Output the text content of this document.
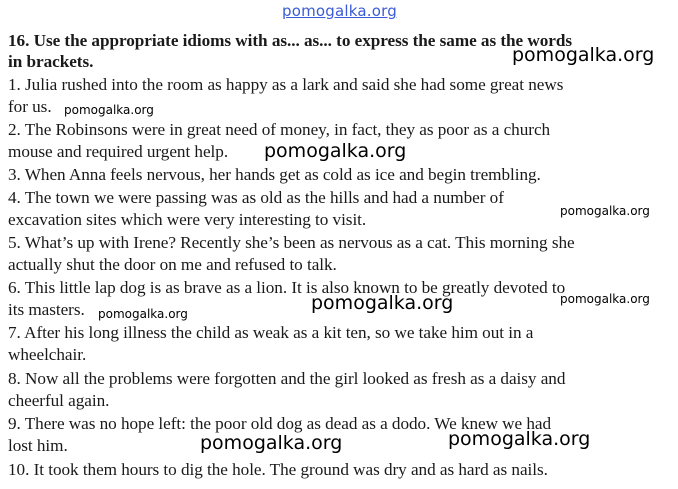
pomogalka.org

16. Use the appropriate idioms with as... as... to express the same as the words

in brackets.

1. Julia rushed into the room as happy as a lark and said she had some great news

for us.

2. The Robinsons were in great need of money, in fact, they as poor as a church

mouse and required urgent help.

3. When Anna feels nervous, her hands get as cold as ice and begin trembling.

4. The town we were passing was as old as the hills and had a number of

excavation sites which were very interesting to visit.

5. What’s up with Irene? Recently she’s been as nervous as a cat. This morning she

actually shut the door on me and refused to talk.

6. This little lap dog is as brave as a lion. It is also known to be greatly devoted to

its masters.

7. After his long illness the child as weak as a kit ten, so we take him out in a

wheelchair.

8. Now all the problems were forgotten and the girl looked as fresh as a daisy and

cheerful again.

9. There was no hope left: the poor old dog as dead as a dodo. We knew we had

lost him.

10. It took them hours to dig the hole. The ground was dry and as hard as nails.

pomogalka.org
pomogalka.org
pomogalka.org
pomogalka.org
pomogalka.org	pomogalka.org
pomogalka.org
pomogalka.org	pomogalka.org
